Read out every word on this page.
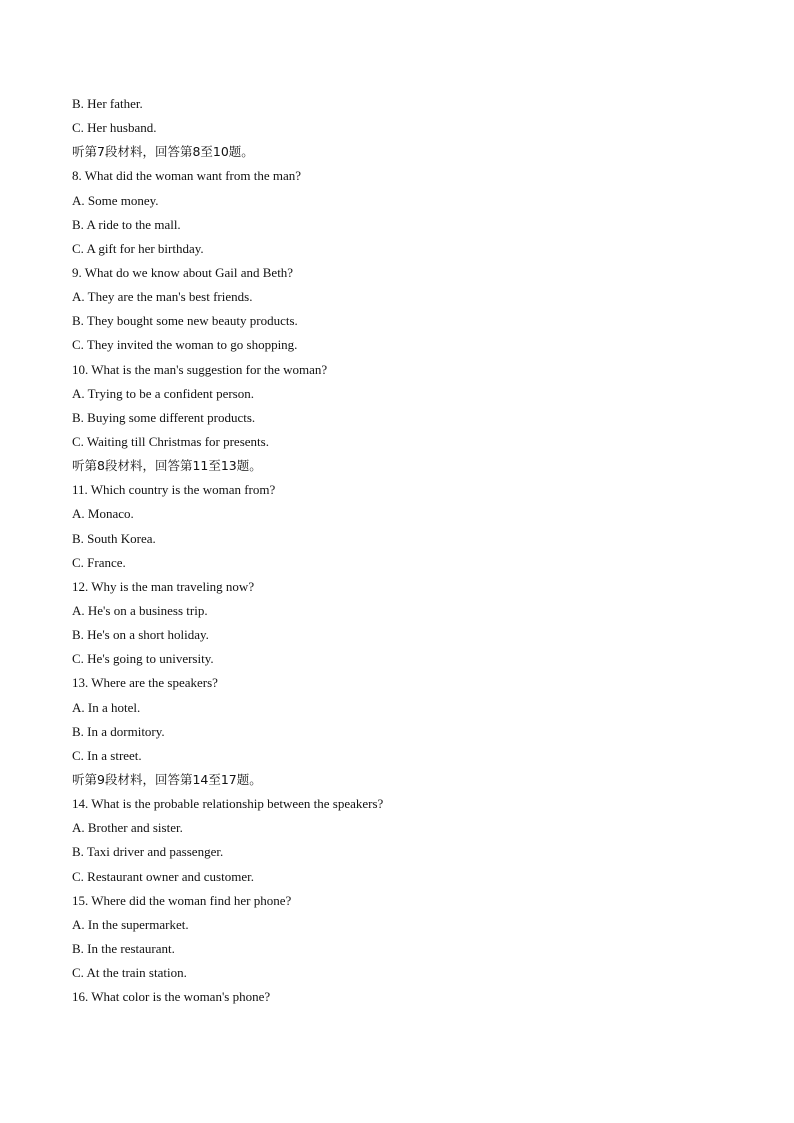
B. Her father.
C. Her husband.
听第7段材料，回答第8至10题。
8. What did the woman want from the man?
A. Some money.
B. A ride to the mall.
C. A gift for her birthday.
9. What do we know about Gail and Beth?
A. They are the man's best friends.
B. They bought some new beauty products.
C. They invited the woman to go shopping.
10. What is the man's suggestion for the woman?
A. Trying to be a confident person.
B. Buying some different products.
C. Waiting till Christmas for presents.
听第8段材料，回答第11至13题。
11. Which country is the woman from?
A. Monaco.
B. South Korea.
C. France.
12. Why is the man traveling now?
A. He's on a business trip.
B. He's on a short holiday.
C. He's going to university.
13. Where are the speakers?
A. In a hotel.
B. In a dormitory.
C. In a street.
听第9段材料，回答第14至17题。
14. What is the probable relationship between the speakers?
A. Brother and sister.
B. Taxi driver and passenger.
C. Restaurant owner and customer.
15. Where did the woman find her phone?
A. In the supermarket.
B. In the restaurant.
C. At the train station.
16. What color is the woman's phone?
